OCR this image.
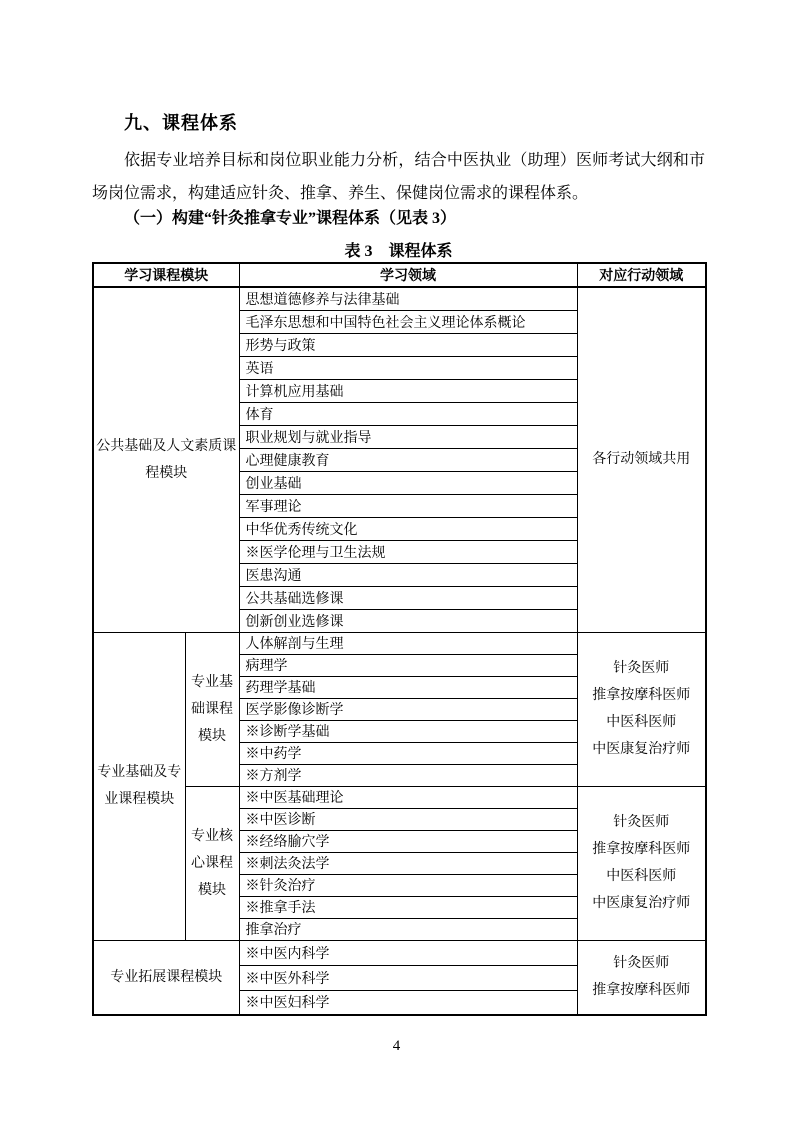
九、课程体系

依据专业培养目标和岗位职业能力分析，结合中医执业（助理）医师考试大纲和市场岗位需求，构建适应针灸、推拿、养生、保健岗位需求的课程体系。

（一）构建“针灸推拿专业”课程体系（见表 3）
表 3　课程体系
学习课程模块		学习领域	对应行动领域
公共基础及人文素质课程模块		思想道德修养与法律基础	各行动领域共用

		毛泽东思想和中国特色社会主义理论体系概论	
		形势与政策	
		英语	
		计算机应用基础	
		体育	
		职业规划与就业指导	
		心理健康教育	
		创业基础	
		军事理论	
		中华优秀传统文化	
		※医学伦理与卫生法规	
		医患沟通	
		公共基础选修课	
		创新创业选修课	
专业基础及专业课程模块	专业基础课程模块	人体解剖与生理	针灸医师
推拿按摩科医师
中医科医师
中医康复治疗师

		病理学	
		药理学基础	
		医学影像诊断学	
		※诊断学基础	
		※中药学	
		※方剂学	
	专业核心课程模块	※中医基础理论	针灸医师
推拿按摩科医师
中医科医师
中医康复治疗师

		※中医诊断	
		※经络腧穴学	
		※刺法灸法学	
		※针灸治疗	
		※推拿手法	
		推拿治疗	
专业拓展课程模块		※中医内科学	针灸医师
推拿按摩科医师

		※中医外科学	
		※中医妇科学	
4
